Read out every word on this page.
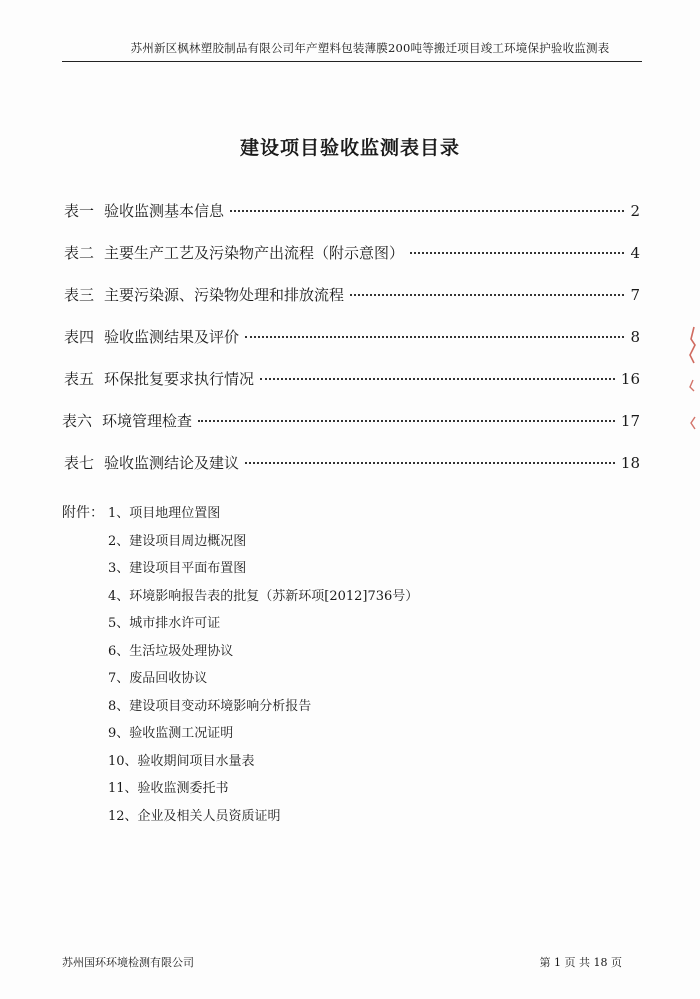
苏州新区枫林塑胶制品有限公司年产塑料包装薄膜200吨等搬迁项目竣工环境保护验收监测表
建设项目验收监测表目录
表一 验收监测基本信息	2
表二 主要生产工艺及污染物产出流程（附示意图）	4
表三 主要污染源、污染物处理和排放流程	7
表四 验收监测结果及评价	8
表五 环保批复要求执行情况	16
表六 环境管理检查	17
表七 验收监测结论及建议	18
附件： 1、项目地理位置图
2、建设项目周边概况图
3、建设项目平面布置图
4、环境影响报告表的批复（苏新环项[2012]736号）
5、城市排水许可证
6、生活垃圾处理协议
7、废品回收协议
8、建设项目变动环境影响分析报告
9、验收监测工况证明
10、验收期间项目水量表
11、验收监测委托书
12、企业及相关人员资质证明
苏州国环环境检测有限公司	第 1 页 共 18 页
